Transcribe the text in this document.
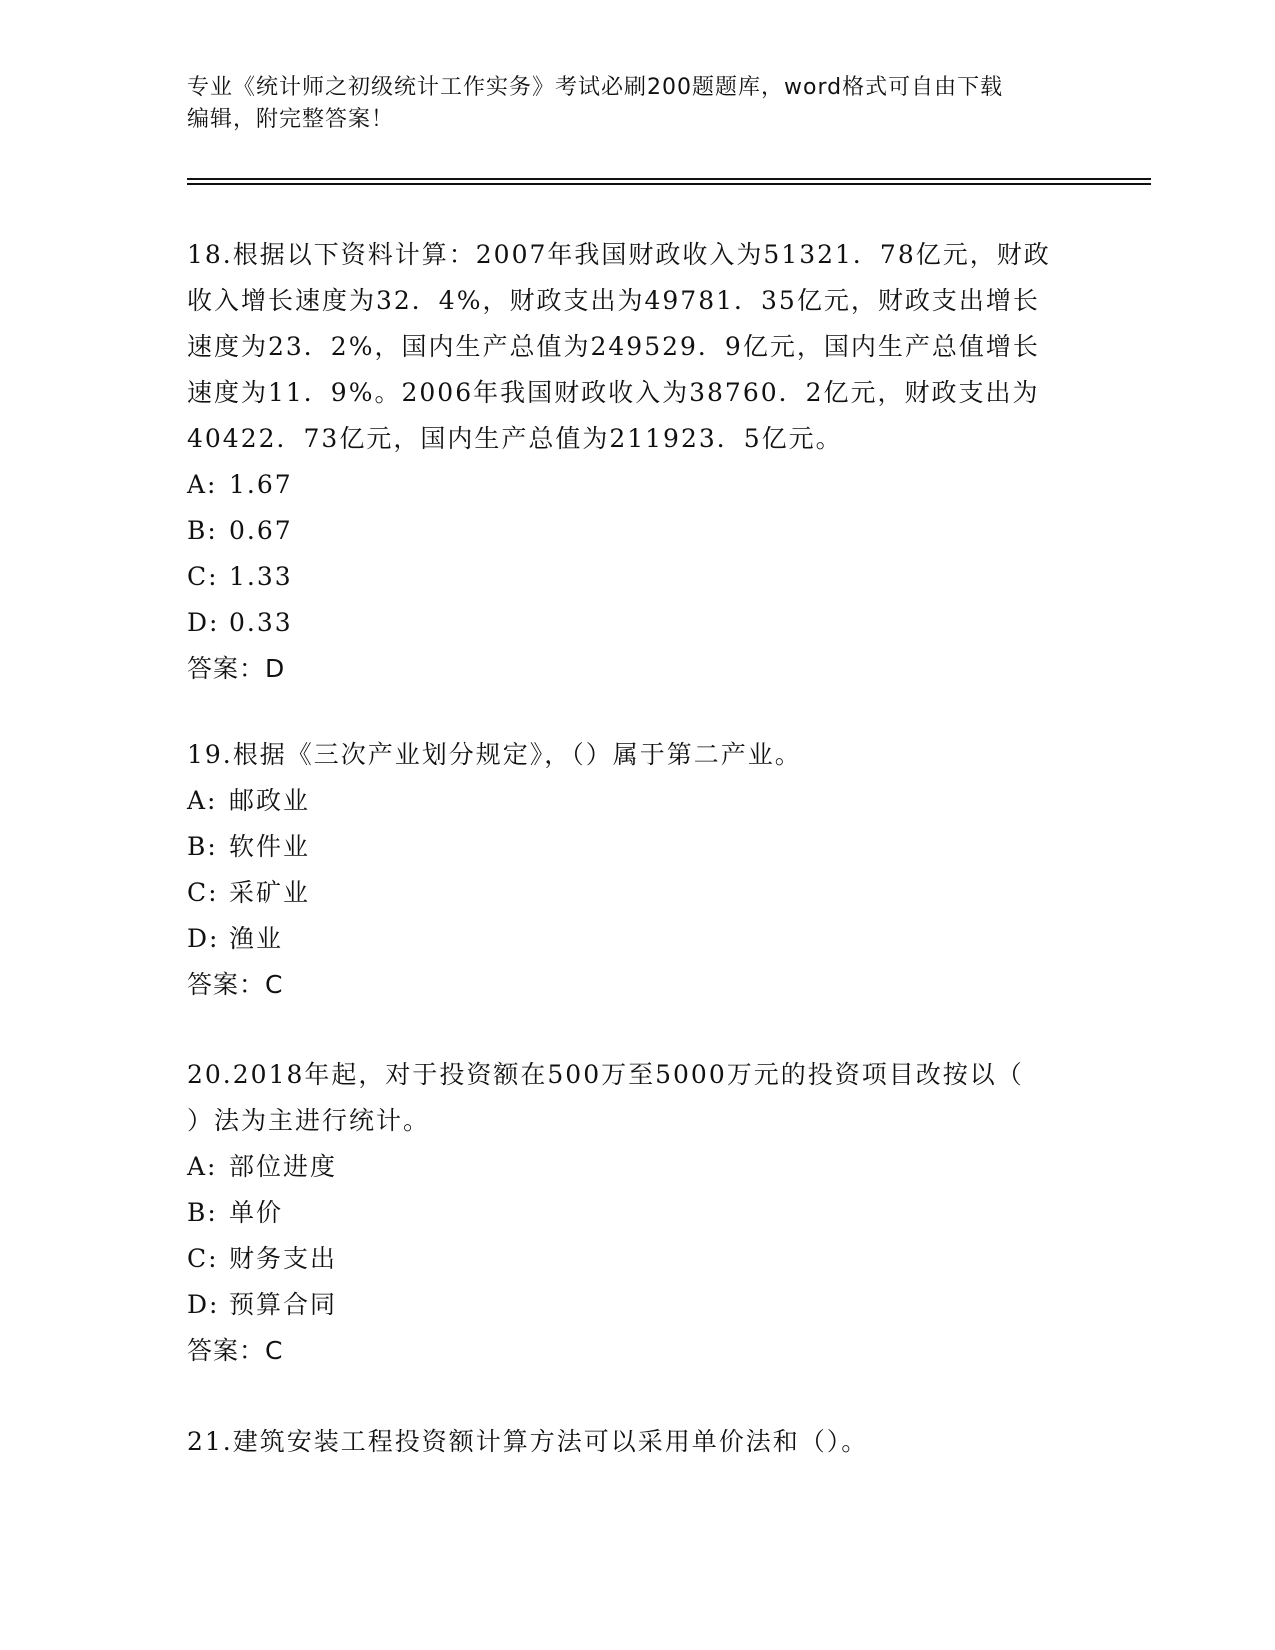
专业《统计师之初级统计工作实务》考试必刷200题题库，word格式可自由下载
编辑，附完整答案！

18.根据以下资料计算：2007年我国财政收入为51321．78亿元，财政

收入增长速度为32．4%，财政支出为49781．35亿元，财政支出增长

速度为23．2%，国内生产总值为249529．9亿元，国内生产总值增长

速度为11．9%。2006年我国财政收入为38760．2亿元，财政支出为

40422．73亿元，国内生产总值为211923．5亿元。

A: 1.67

B: 0.67

C: 1.33

D: 0.33

答案：D

19.根据《三次产业划分规定》，（）属于第二产业。

A: 邮政业

B: 软件业

C: 采矿业

D: 渔业

答案：C

20.2018年起，对于投资额在500万至5000万元的投资项目改按以（

）法为主进行统计。

A: 部位进度

B: 单价

C: 财务支出

D: 预算合同

答案：C

21.建筑安装工程投资额计算方法可以采用单价法和（）。
